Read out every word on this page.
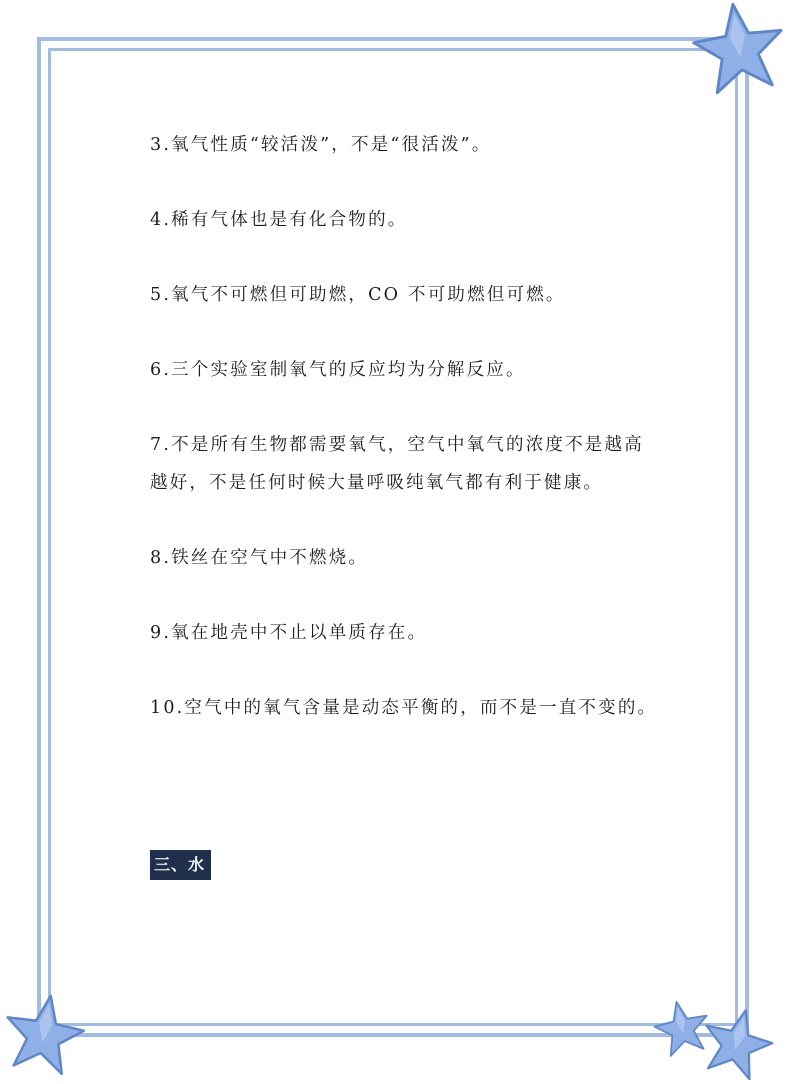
3.氧气性质“较活泼”，不是“很活泼”。

4.稀有气体也是有化合物的。

5.氧气不可燃但可助燃，CO 不可助燃但可燃。

6.三个实验室制氧气的反应均为分解反应。

7.不是所有生物都需要氧气，空气中氧气的浓度不是越高越好，不是任何时候大量呼吸纯氧气都有利于健康。

8.铁丝在空气中不燃烧。

9.氧在地壳中不止以单质存在。

10.空气中的氧气含量是动态平衡的，而不是一直不变的。

三、水
